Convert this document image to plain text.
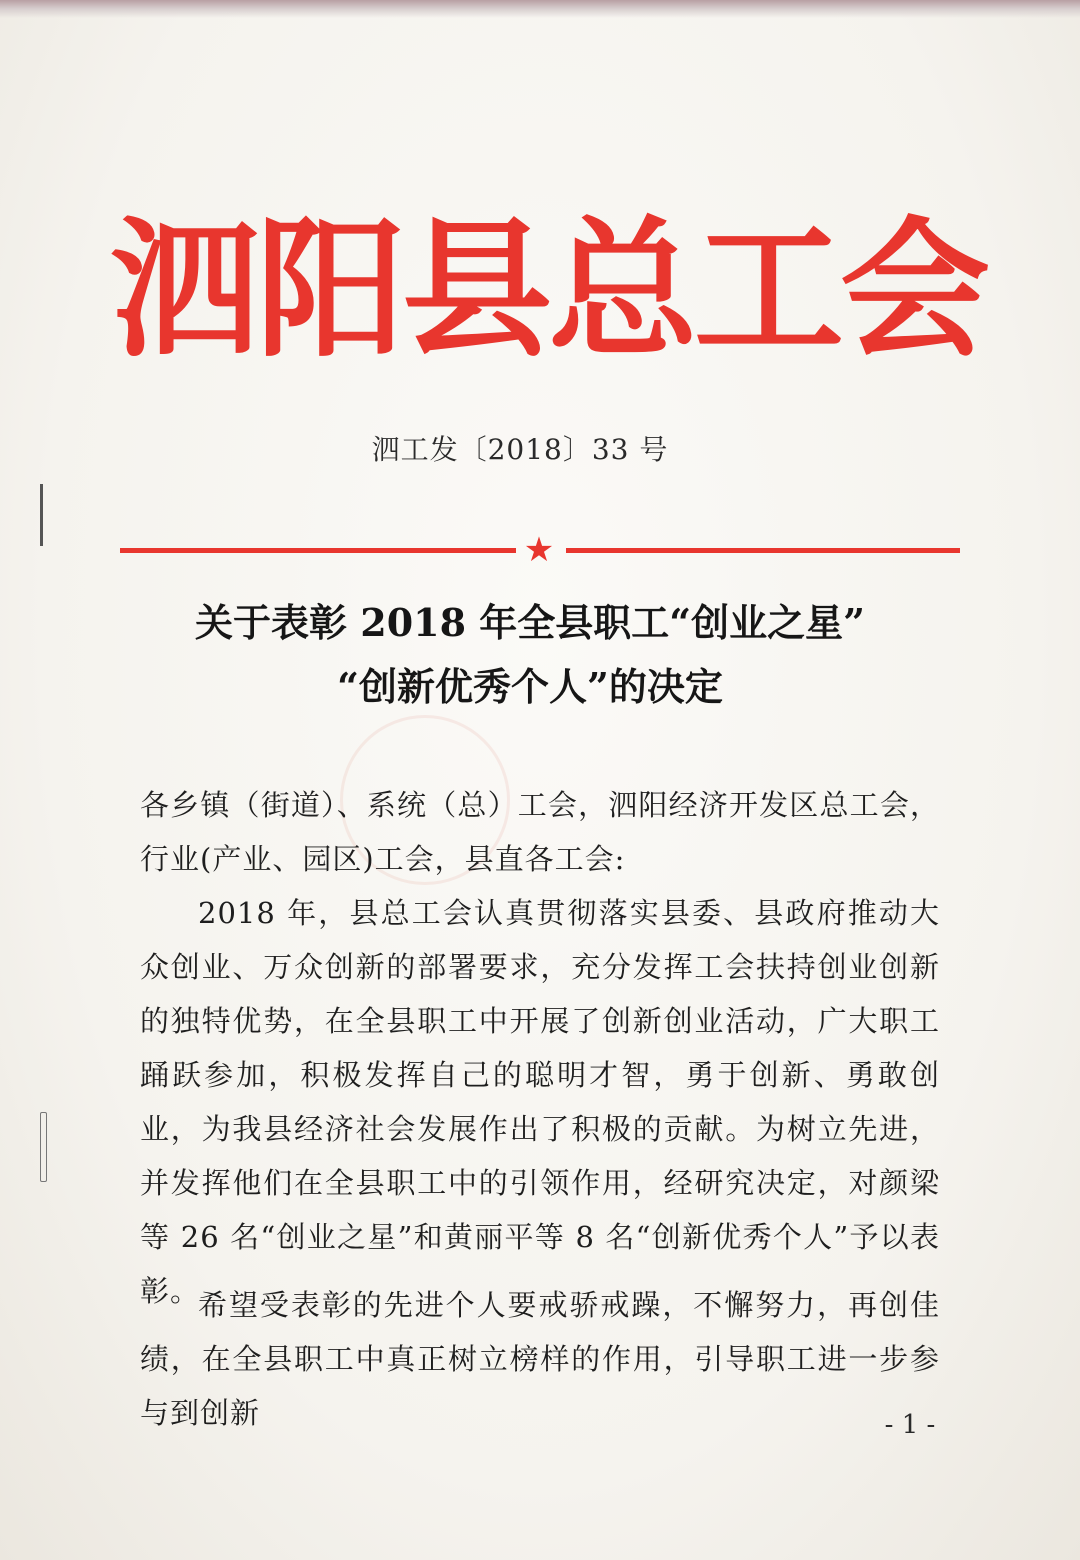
泗阳县总工会
泗工发〔2018〕33 号
★
关于表彰 2018 年全县职工“创业之星”
“创新优秀个人”的决定
各乡镇（街道）、系统（总）工会，泗阳经济开发区总工会，行业(产业、园区)工会，县直各工会:
2018 年，县总工会认真贯彻落实县委、县政府推动大众创业、万众创新的部署要求，充分发挥工会扶持创业创新的独特优势，在全县职工中开展了创新创业活动，广大职工踊跃参加，积极发挥自己的聪明才智，勇于创新、勇敢创业，为我县经济社会发展作出了积极的贡献。为树立先进，并发挥他们在全县职工中的引领作用，经研究决定，对颜梁等 26 名“创业之星”和黄丽平等 8 名“创新优秀个人”予以表彰。
希望受表彰的先进个人要戒骄戒躁，不懈努力，再创佳绩，在全县职工中真正树立榜样的作用，引导职工进一步参与到创新	- 1 -
